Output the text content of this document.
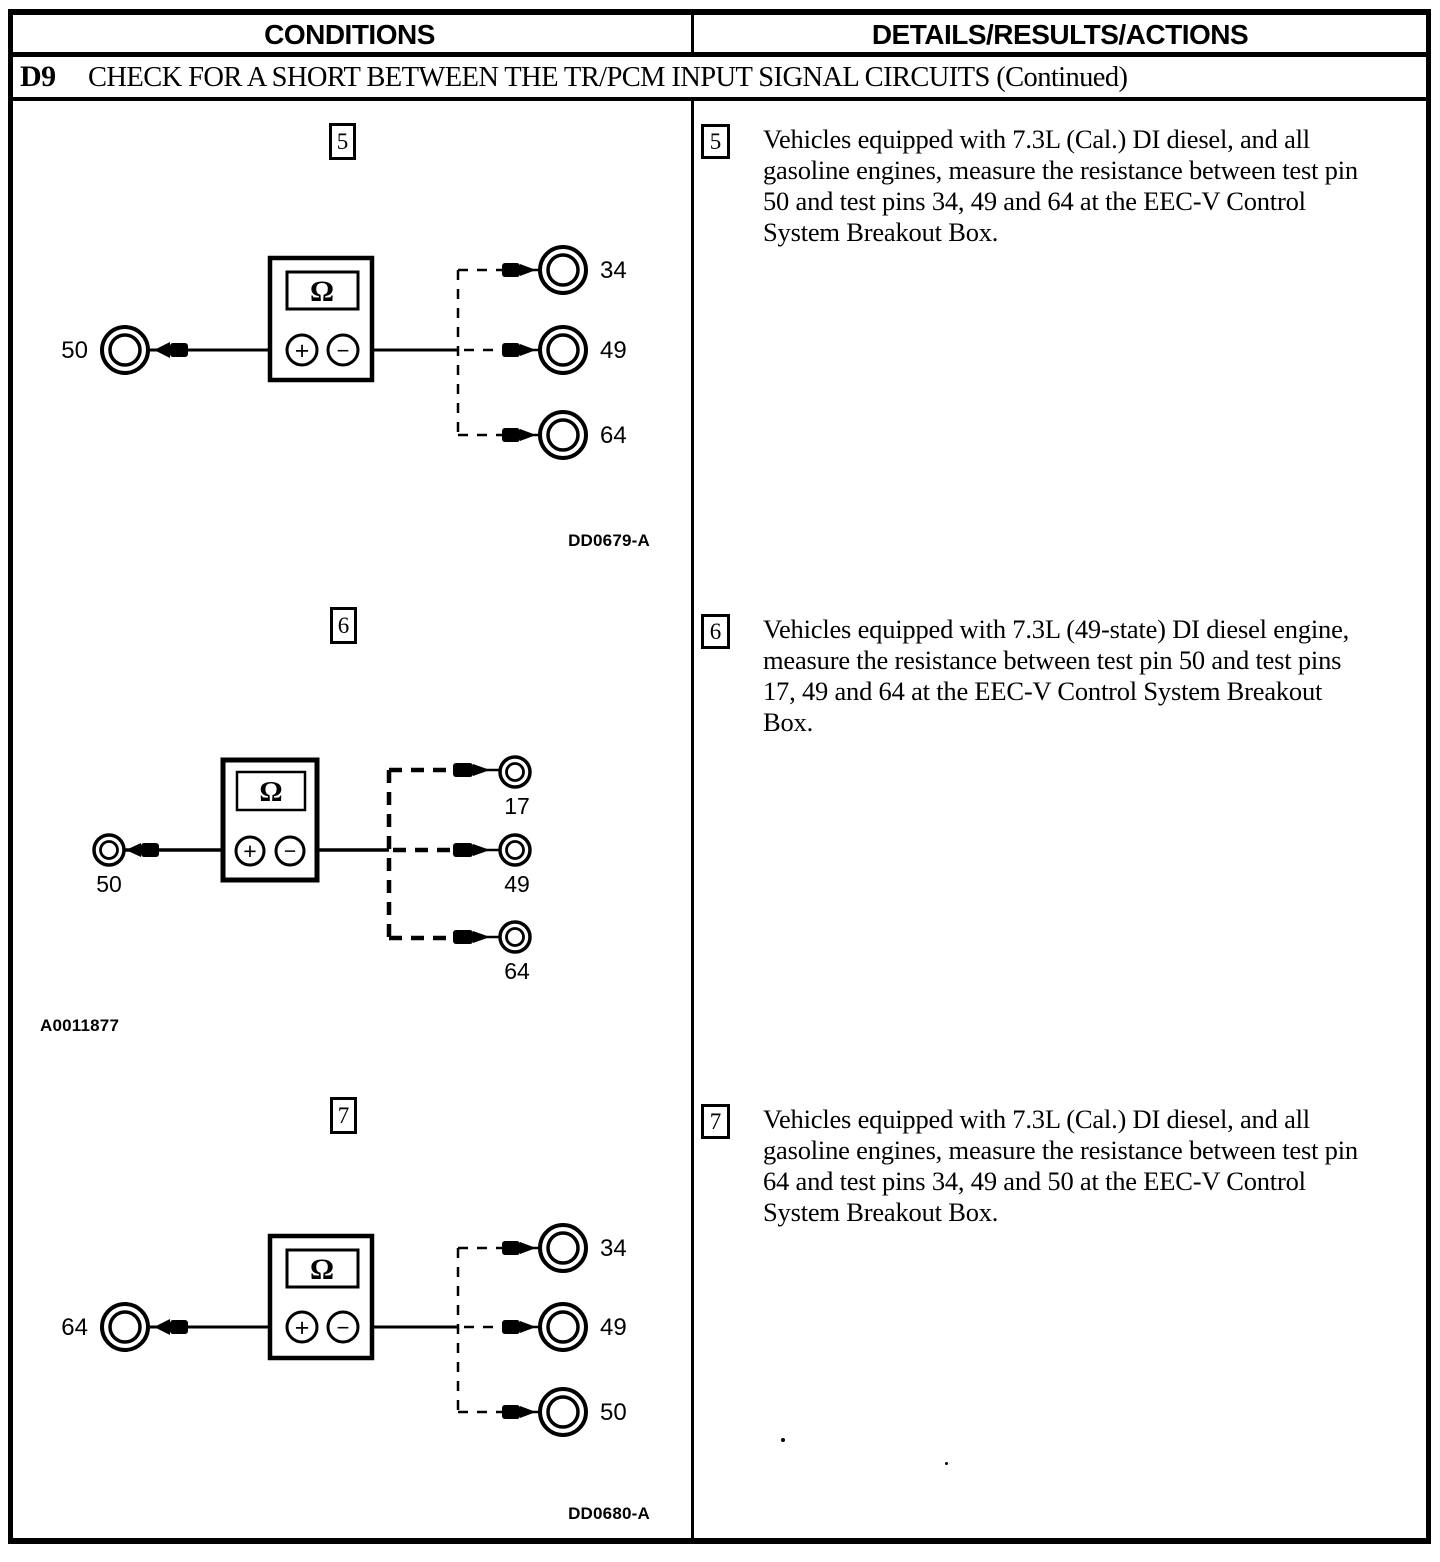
CONDITIONS	DETAILS/RESULTS/ACTIONS
D9 CHECK FOR A SHORT BETWEEN THE TR/PCM INPUT SIGNAL CIRCUITS (Continued)
5 Vehicles equipped with 7.3L (Cal.) DI diesel, and all gasoline engines, measure the resistance between test pin 50 and test pins 34, 49 and 64 at the EEC-V Control System Breakout Box.
6 Vehicles equipped with 7.3L (49-state) DI diesel engine, measure the resistance between test pin 50 and test pins 17, 49 and 64 at the EEC-V Control System Breakout Box.
7 Vehicles equipped with 7.3L (Cal.) DI diesel, and all gasoline engines, measure the resistance between test pin 64 and test pins 34, 49 and 50 at the EEC-V Control System Breakout Box.
5
6
7
50
Ω
+ −
34
49
64
DD0679-A
50
Ω
+ −
17
49
64
A0011877
64
Ω
+ −
34
49
50
DD0680-A
